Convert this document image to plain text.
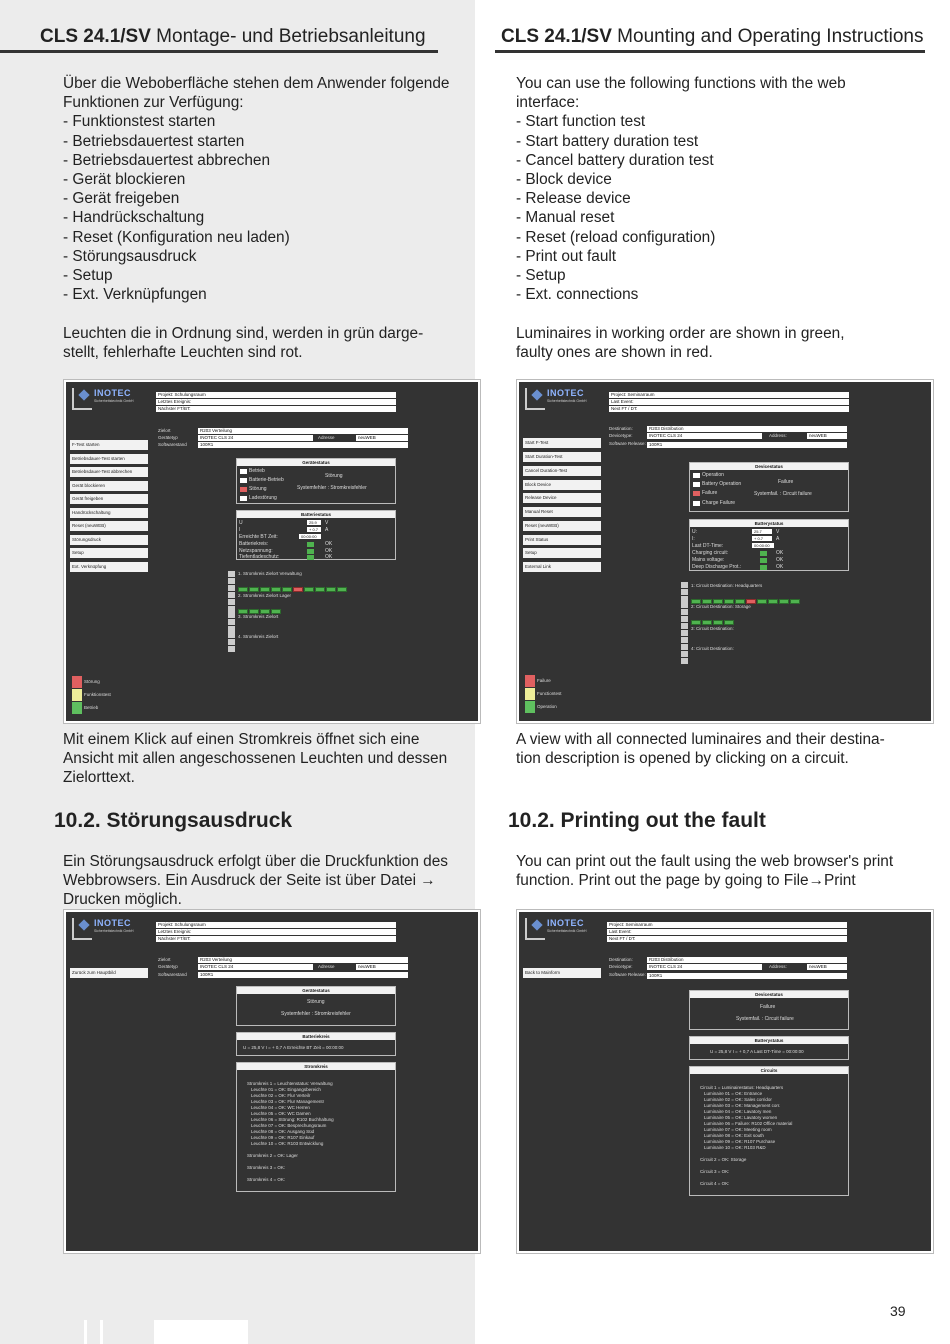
CLS 24.1/SV Montage- und Betriebsanleitung	CLS 24.1/SV Mounting and Operating Instructions
Über die Weboberfläche stehen dem Anwender folgende
Funktionen zur Verfügung:
- Funktionstest starten
- Betriebsdauertest starten
- Betriebsdauertest abbrechen
- Gerät blockieren
- Gerät freigeben
- Handrückschaltung
- Reset (Konfiguration neu laden)
- Störungsausdruck
- Setup
- Ext. Verknüpfungen
You can use the following functions with the web
interface:
- Start function test
- Start battery duration test
- Cancel battery duration test
- Block device
- Release device
- Manual reset
- Reset (reload configuration)
- Print out fault
- Setup
- Ext. connections
Leuchten die in Ordnung sind, werden in grün darge-
stellt, fehlerhafte Leuchten sind rot.
Luminaires in working order are shown in green,
faulty ones are shown in red.
INOTEC
Sicherheitstechnik GmbH
Projekt: Schulungsraum
Letztes Ereignis:
Nächster FT/BT:
F-Test starten
Betriebsdauer-Test starten
Betriebsdauer-Test abbrechen
Gerät blockieren
Gerät freigeben
Handrückschaltung
Reset (neuWEB)
Störungsdruck
Setup
Ext. Verknüpfung
Zielort	R203 Verteilung
Gerätetyp	INOTEC CLS 24	Adresse	neuWEB
Softwarestand	100R1
Gerätestatus
Betrieb
Batterie-Betrieb
Störung
Ladestörung
Störung
Systemfehler : Stromkreisfehler
Batteriestatus
U	25.9	V
I	+ 0.7	A
Erreichte BT Zeit:	00:00:00
Batteriekreis:	OK
Netzspannung:	OK
Tiefentladeschutz:	OK
1. Stromkreis Zielort Verwaltung
2. Stromkreis Zielort Lager
3. Stromkreis Zielort
4. Stromkreis Zielort
Störung
Funktionstest
Betrieb
INOTEC
Sicherheitstechnik GmbH
Project: Seminarraum
Last Event:
Next FT / DT:
Start F-Test
Start Duration-Test
Cancel Duration-Test
Block Device
Release Device
Manual Reset
Reset (neuWEB)
Print Status
Setup
External Link
Destination:	R203 Distribution
Devicetype:	INOTEC CLS 24	Address:	neuWEB
Software Release: 100R1
Devicestatus
Operation
Battery Operation
Failure
Charge Failure
Failure
Systemfail. : Circuit failure
Batterystatus
U:	25.7	V
I:	+ 0.7	A
Last DT-Time:	00:00:00
Charging circuit:	OK
Mains voltage:	OK
Deep Discharge Prot.:	OK
1: Circuit Destination: Headquarters
2: Circuit Destination: Storage
3: Circuit Destination:
4: Circuit Destination:
Failure
Functiontest
Operation
Mit einem Klick auf einen Stromkreis öffnet sich eine
Ansicht mit allen angeschossenen Leuchten und dessen
Zielorttext.
A view with all connected luminaires and their destina-
tion description is opened by clicking on a circuit.
10.2. Störungsausdruck	10.2. Printing out the fault
Ein Störungsausdruck erfolgt über die Druckfunktion des
Webbrowsers. Ein Ausdruck der Seite ist über Datei →
Drucken möglich.
You can print out the fault using the web browser's print
function. Print out the page by going to File→Print
INOTEC
Sicherheitstechnik GmbH
Projekt: Schulungsraum
Letztes Ereignis:
Nächster FT/BT:
Zurück zum Hauptbild
Zielort	R203 Verteilung
Gerätetyp	INOTEC CLS 24	Adresse	neuWEB
Softwarestand	100R1
Gerätestatus
Störung
Systemfehler : Stromkreisfehler
Batteriekreis
U = 25,8 V I = + 0,7 A Erreichte BT Zeit = 00:00:00
Stromkreis
Stromkreis 1 = Leuchtenstatus: Verwaltung
Leuchte 01 = OK: Eingangsbereich
Leuchte 02 = OK: Flur Verteilr
Leuchte 03 = OK: Flur Managementr
Leuchte 04 = OK: WC Herren
Leuchte 05 = OK: WC Damen
Leuchte 06 = Störung: R102 Buchhaltung
Leuchte 07 = OK: Besprechungsraum
Leuchte 08 = OK: Ausgang Süd
Leuchte 09 = OK: R107 Einkauf
Leuchte 10 = OK: R103 Entwicklung
Stromkreis 2 = OK: Lager
Stromkreis 3 = OK:
Stromkreis 4 = OK:
INOTEC
Sicherheitstechnik GmbH
Project: Seminarraum
Last Event:
Next FT / DT:
Back to Mainform
Destination:	R203 Distribution
Devicetype:	INOTEC CLS 24	Address:	neuWEB
Software Release: 100R1
Devicestatus
Failure
Systemfail. : Circuit failure
Batterystatus
U = 25,8 V I = + 0,7 A Last DT-Time = 00:00:00
Circuits
Circuit 1 = Luminairestatus: Headquarters
Luminaire 01 = OK: Entrance
Luminaire 02 = OK: Sales corridor
Luminaire 03 = OK: Management corr.
Luminaire 04 = OK: Lavatory men
Luminaire 05 = OK: Lavatory women
Luminaire 06 = Failure: R102 Office material
Luminaire 07 = OK: Meeting room
Luminaire 08 = OK: Exit south
Luminaire 09 = OK: R107 Purchase
Luminaire 10 = OK: R103 R&D
Circuit 2 = OK: Storage
Circuit 3 = OK:
Circuit 4 = OK:
39
